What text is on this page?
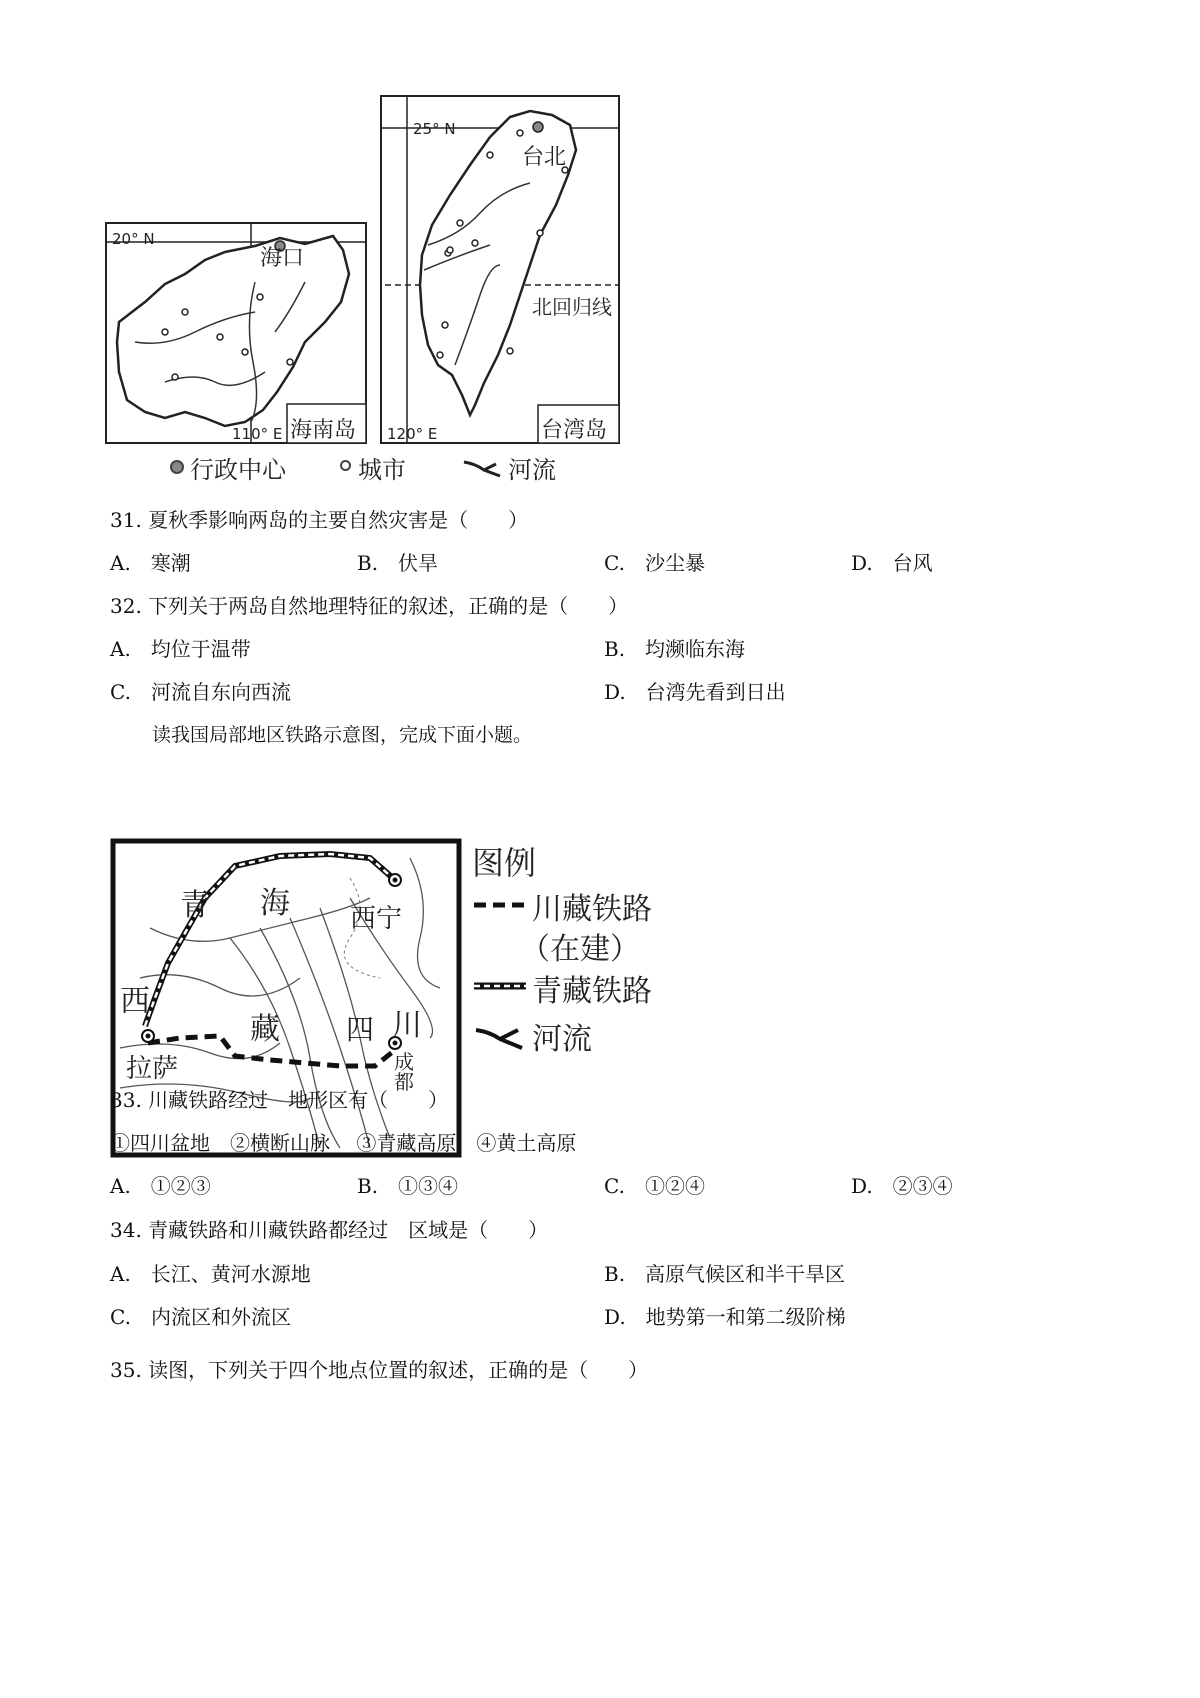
20° N
110° E
海口
海南岛
25° N
120° E
台北
北回归线
台湾岛
行政中心	城市	河流
31. 夏秋季影响两岛的主要自然灾害是（　　）
A.　寒潮	B.　伏旱	C.　沙尘暴	D.　台风
32. 下列关于两岛自然地理特征的叙述，正确的是（　　）
A.　均位于温带	B.　均濒临东海
C.　河流自东向西流	D.　台湾先看到日出
读我国局部地区铁路示意图，完成下面小题。
青 海 西宁
西
藏 四 川
拉萨	成都
图例
川藏铁路
（在建）
青藏铁路
河流
33. 川藏铁路经过　地形区有（　　）
①四川盆地　②横断山脉　 ③青藏高原　④黄土高原
A.　①②③	B.　①③④	C.　①②④	D.　②③④
34. 青藏铁路和川藏铁路都经过　区域是（　　）
A.　长江、黄河水源地	B.　高原气候区和半干旱区
C.　内流区和外流区	D.　地势第一和第二级阶梯
35. 读图，下列关于四个地点位置的叙述，正确的是（　　）
